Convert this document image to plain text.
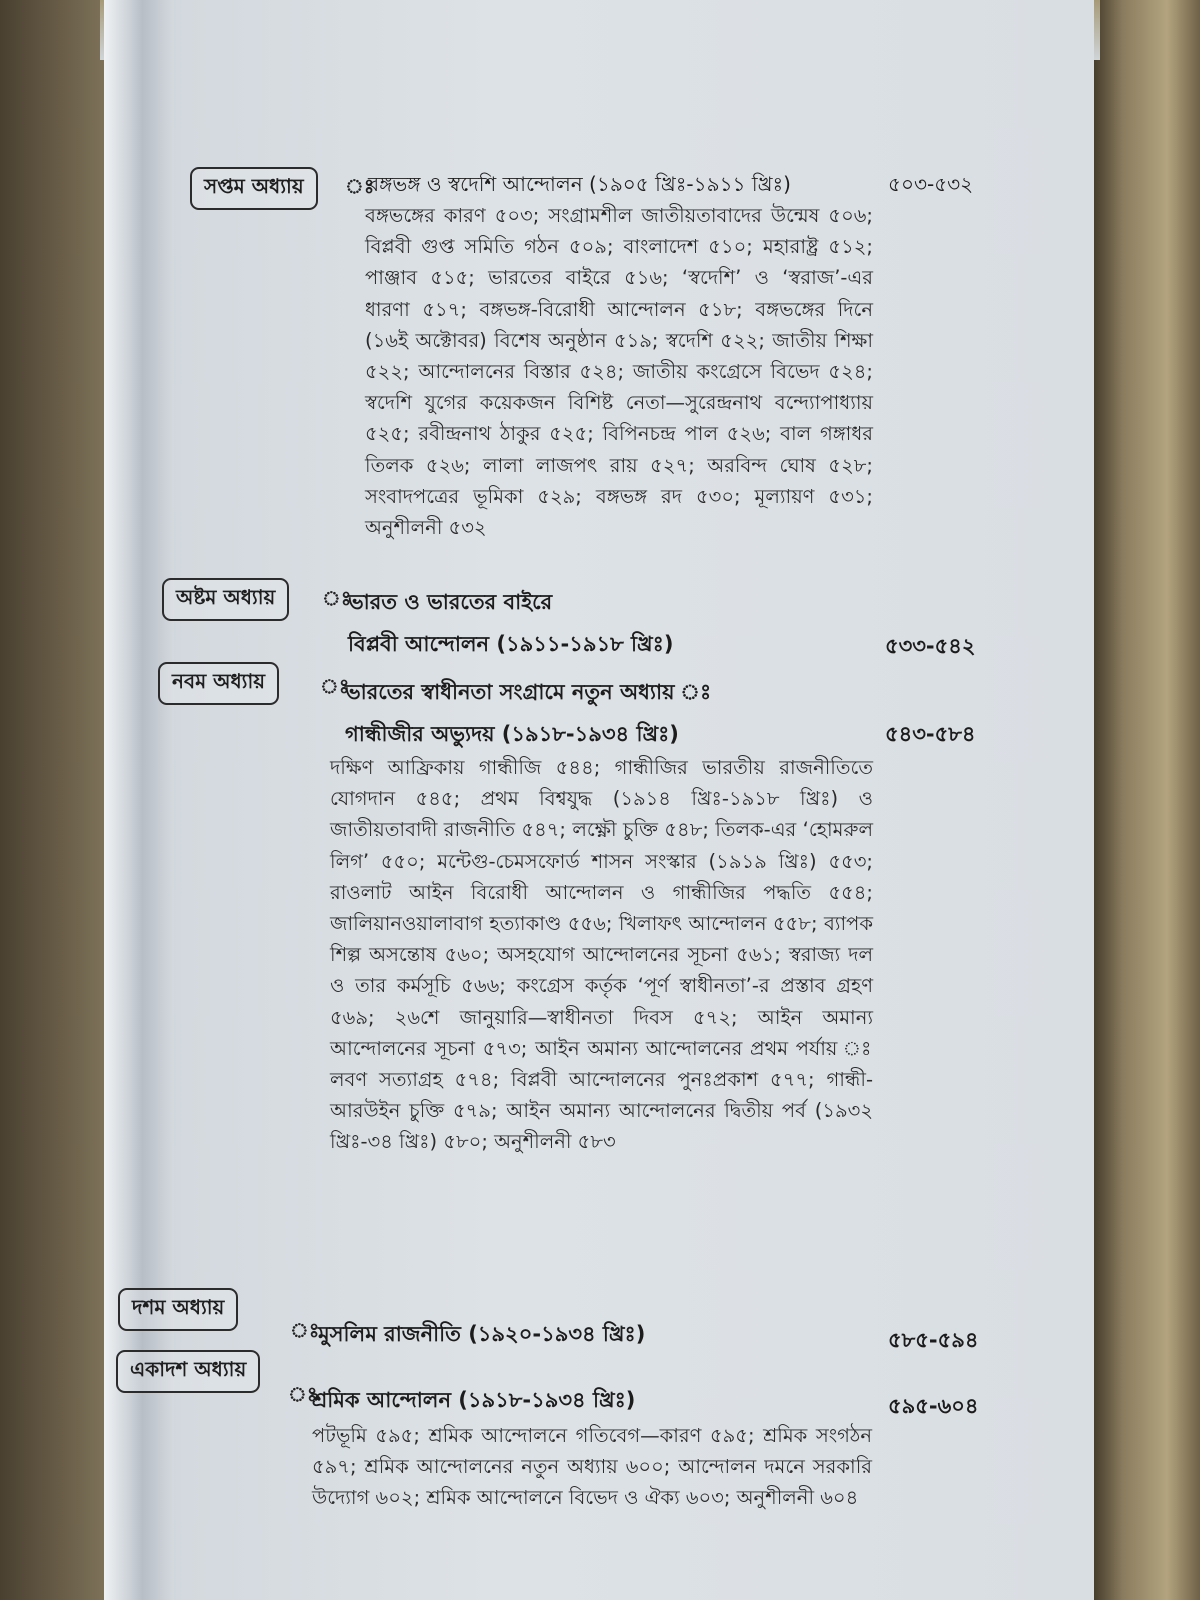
সপ্তম অধ্যায়	ঃ
বঙ্গভঙ্গ ও স্বদেশি আন্দোলন (১৯০৫ খ্রিঃ-১৯১১ খ্রিঃ)	৫০৩-৫৩২
বঙ্গভঙ্গের কারণ ৫০৩; সংগ্রামশীল জাতীয়তাবাদের উন্মেষ ৫০৬; বিপ্লবী গুপ্ত সমিতি গঠন ৫০৯; বাংলাদেশ ৫১০; মহারাষ্ট্র ৫১২; পাঞ্জাব ৫১৫; ভারতের বাইরে ৫১৬; ‘স্বদেশি’ ও ‘স্বরাজ’-এর ধারণা ৫১৭; বঙ্গভঙ্গ-বিরোধী আন্দোলন ৫১৮; বঙ্গভঙ্গের দিনে (১৬ই অক্টোবর) বিশেষ অনুষ্ঠান ৫১৯; স্বদেশি ৫২২; জাতীয় শিক্ষা ৫২২; আন্দোলনের বিস্তার ৫২৪; জাতীয় কংগ্রেসে বিভেদ ৫২৪; স্বদেশি যুগের কয়েকজন বিশিষ্ট নেতা—সুরেন্দ্রনাথ বন্দ্যোপাধ্যায় ৫২৫; রবীন্দ্রনাথ ঠাকুর ৫২৫; বিপিনচন্দ্র পাল ৫২৬; বাল গঙ্গাধর তিলক ৫২৬; লালা লাজপৎ রায় ৫২৭; অরবিন্দ ঘোষ ৫২৮; সংবাদপত্রের ভূমিকা ৫২৯; বঙ্গভঙ্গ রদ ৫৩০; মূল্যায়ণ ৫৩১; অনুশীলনী ৫৩২
অষ্টম অধ্যায়	ঃ
ভারত ও ভারতের বাইরে
বিপ্লবী আন্দোলন (১৯১১-১৯১৮ খ্রিঃ)	৫৩৩-৫৪২
নবম অধ্যায়	ঃ
ভারতের স্বাধীনতা সংগ্রামে নতুন অধ্যায় ঃ
গান্ধীজীর অভ্যুদয় (১৯১৮-১৯৩৪ খ্রিঃ)	৫৪৩-৫৮৪
দক্ষিণ আফ্রিকায় গান্ধীজি ৫৪৪; গান্ধীজির ভারতীয় রাজনীতিতে যোগদান ৫৪৫; প্রথম বিশ্বযুদ্ধ (১৯১৪ খ্রিঃ-১৯১৮ খ্রিঃ) ও জাতীয়তাবাদী রাজনীতি ৫৪৭; লক্ষ্ণৌ চুক্তি ৫৪৮; তিলক-এর ‘হোমরুল লিগ’ ৫৫০; মন্টেগু-চেমসফোর্ড শাসন সংস্কার (১৯১৯ খ্রিঃ) ৫৫৩; রাওলাট আইন বিরোধী আন্দোলন ও গান্ধীজির পদ্ধতি ৫৫৪; জালিয়ানওয়ালাবাগ হত্যাকাণ্ড ৫৫৬; খিলাফৎ আন্দোলন ৫৫৮; ব্যাপক শিল্প অসন্তোষ ৫৬০; অসহযোগ আন্দোলনের সূচনা ৫৬১; স্বরাজ্য দল ও তার কর্মসূচি ৫৬৬; কংগ্রেস কর্তৃক ‘পূর্ণ স্বাধীনতা’-র প্রস্তাব গ্রহণ ৫৬৯; ২৬শে জানুয়ারি—স্বাধীনতা দিবস ৫৭২; আইন অমান্য আন্দোলনের সূচনা ৫৭৩; আইন অমান্য আন্দোলনের প্রথম পর্যায় ঃ লবণ সত্যাগ্রহ ৫৭৪; বিপ্লবী আন্দোলনের পুনঃপ্রকাশ ৫৭৭; গান্ধী-আরউইন চুক্তি ৫৭৯; আইন অমান্য আন্দোলনের দ্বিতীয় পর্ব (১৯৩২ খ্রিঃ-৩৪ খ্রিঃ) ৫৮০; অনুশীলনী ৫৮৩
দশম অধ্যায়
ঃ
মুসলিম রাজনীতি (১৯২০-১৯৩৪ খ্রিঃ)	৫৮৫-৫৯৪
একাদশ অধ্যায়
ঃ
শ্রমিক আন্দোলন (১৯১৮-১৯৩৪ খ্রিঃ)	৫৯৫-৬০৪
পটভূমি ৫৯৫; শ্রমিক আন্দোলনে গতিবেগ—কারণ ৫৯৫; শ্রমিক সংগঠন ৫৯৭; শ্রমিক আন্দোলনের নতুন অধ্যায় ৬০০; আন্দোলন দমনে সরকারি উদ্যোগ ৬০২; শ্রমিক আন্দোলনে বিভেদ ও ঐক্য ৬০৩; অনুশীলনী ৬০৪
